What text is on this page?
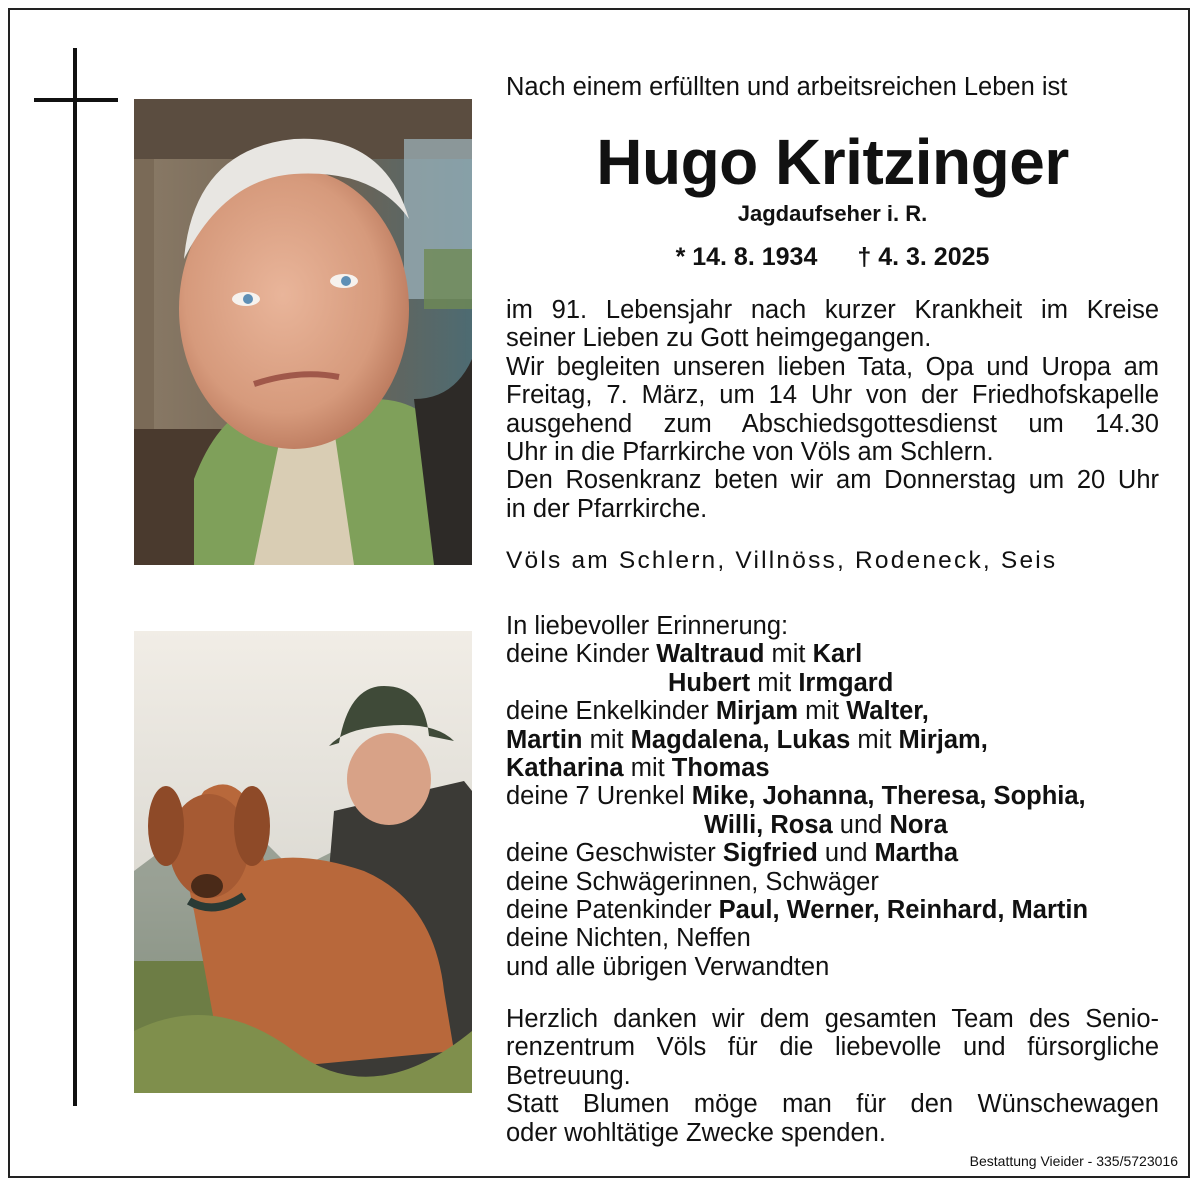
Nach einem erfüllten und arbeitsreichen Leben ist
Hugo Kritzinger
Jagdaufseher i. R.
* 14. 8. 1934 † 4. 3. 2025

im 91. Lebensjahr nach kurzer Krankheit im Kreise

seiner Lieben zu Gott heimgegangen.

Wir begleiten unseren lieben Tata, Opa und Uropa am

Freitag, 7. März, um 14 Uhr von der Friedhofskapelle

ausgehend zum Abschiedsgottesdienst um 14.30

Uhr in die Pfarrkirche von Völs am Schlern.

Den Rosenkranz beten wir am Donnerstag um 20 Uhr

in der Pfarrkirche.

Völs am Schlern, Villnöss, Rodeneck, Seis

In liebevoller Erinnerung:

deine Kinder Waltraud mit Karl

Hubert mit Irmgard

deine Enkelkinder Mirjam mit Walter,

Martin mit Magdalena, Lukas mit Mirjam,

Katharina mit Thomas

deine 7 Urenkel Mike, Johanna, Theresa, Sophia,

Willi, Rosa und Nora

deine Geschwister Sigfried und Martha

deine Schwägerinnen, Schwäger

deine Patenkinder Paul, Werner, Reinhard, Martin

deine Nichten, Neffen

und alle übrigen Verwandten

Herzlich danken wir dem gesamten Team des Senio-

renzentrum Völs für die liebevolle und fürsorgliche

Betreuung.

Statt Blumen möge man für den Wünschewagen

oder wohltätige Zwecke spenden.

Bestattung Vieider - 335/5723016
